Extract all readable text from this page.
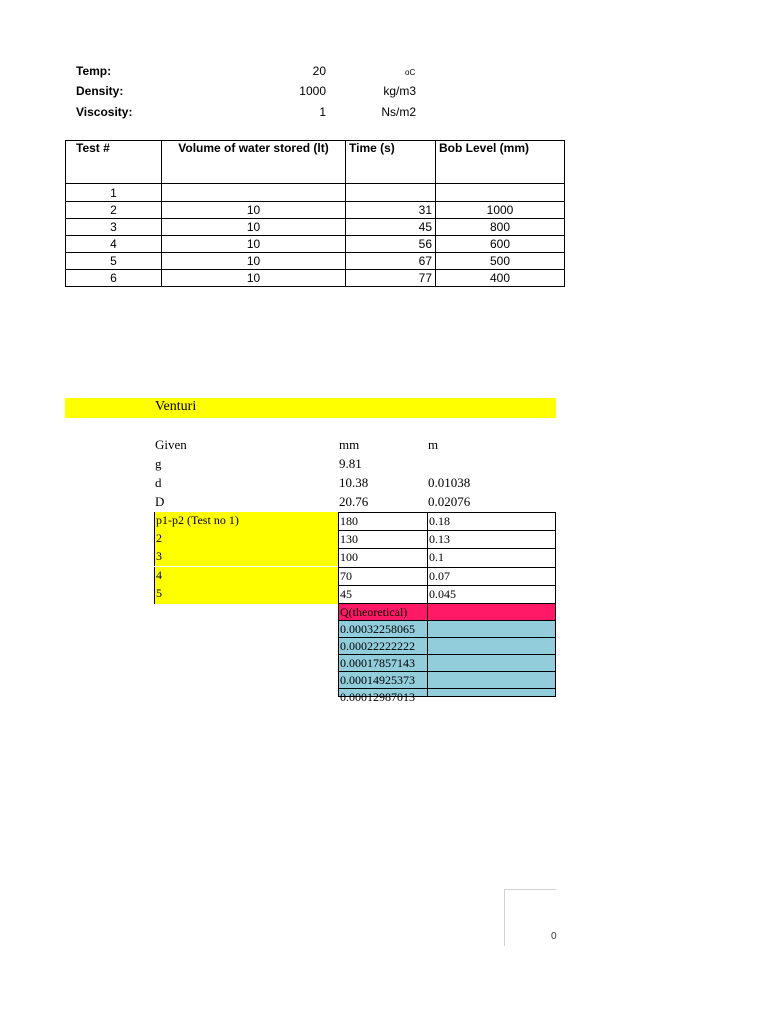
Temp:	20	oC
Density:	1000	kg/m3
Viscosity:	1	Ns/m2
Test #	Volume of water stored (lt)	Time (s)	Bob Level (mm)
1			
2	10	31	1000
3	10	45	800
4	10	56	600
5	10	67	500
6	10	77	400
Venturi
Given	mm	m
g	9.81
d	10.38	0.01038
D	20.76	0.02076
p1-p2 (Test no 1)	180	0.18
2	130	0.13
3	100	0.1
4	70	0.07
5	45	0.045
Q(theoretical)
0.00032258065
0.00022222222
0.00017857143
0.00014925373
0.00012987013
0
